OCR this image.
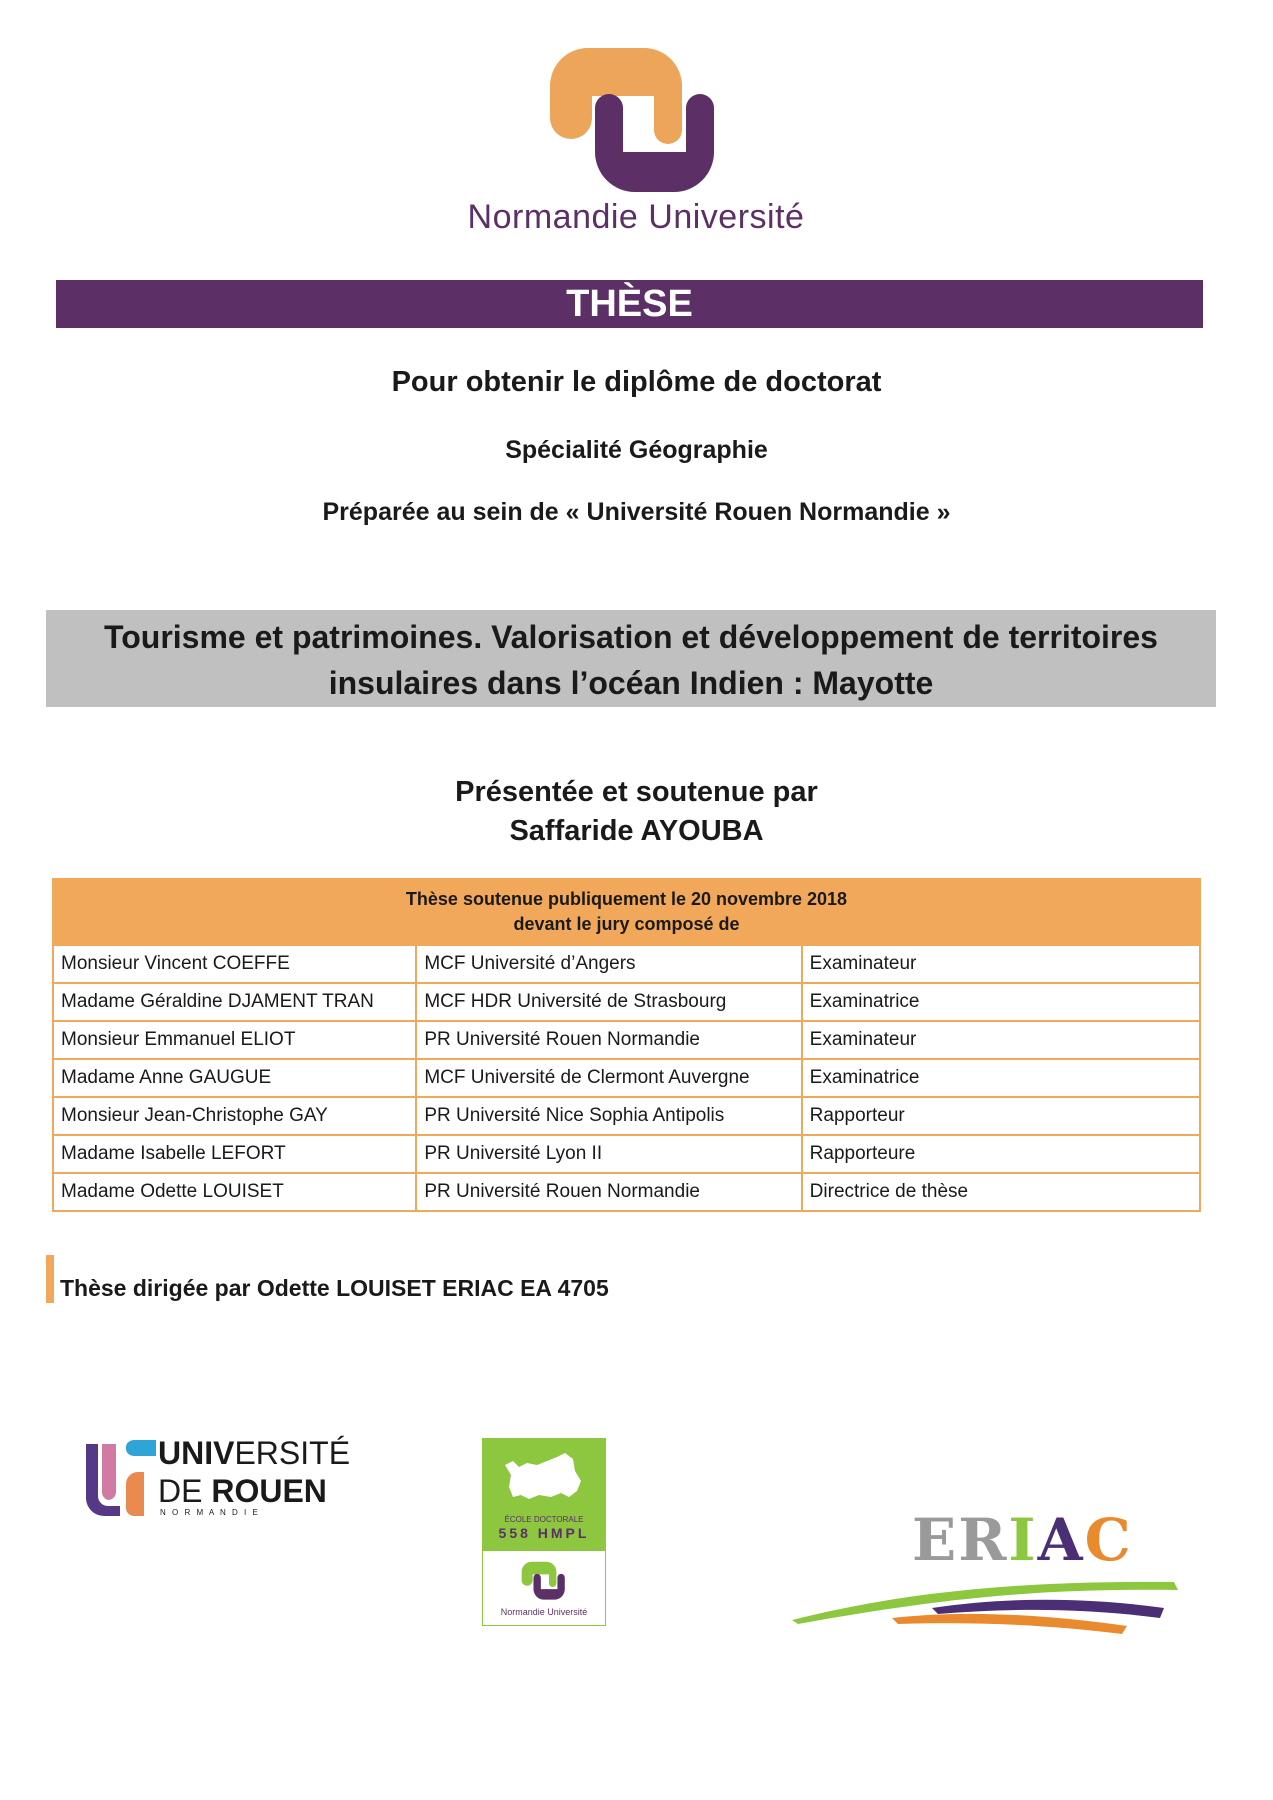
Normandie Université
THÈSE
Pour obtenir le diplôme de doctorat
Spécialité Géographie
Préparée au sein de « Université Rouen Normandie »
Tourisme et patrimoines. Valorisation et développement de territoires
insulaires dans l’océan Indien : Mayotte
Présentée et soutenue par
Saffaride AYOUBA
Thèse soutenue publiquement le 20 novembre 2018
devant le jury composé de		

Monsieur Vincent COEFFE	MCF Université d’Angers	Examinateur
Madame Géraldine DJAMENT TRAN	MCF HDR Université de Strasbourg	Examinatrice
Monsieur Emmanuel ELIOT	PR Université Rouen Normandie	Examinateur
Madame Anne GAUGUE	MCF Université de Clermont Auvergne	Examinatrice
Monsieur Jean-Christophe GAY	PR Université Nice Sophia Antipolis	Rapporteur
Madame Isabelle LEFORT	PR Université Lyon II	Rapporteure
Madame Odette LOUISET	PR Université Rouen Normandie	Directrice de thèse
Thèse dirigée par Odette LOUISET ERIAC EA 4705
UNIVERSITÉ
DE ROUEN
N O R M A N D I E
ÉCOLE DOCTORALE
558 HMPL
Normandie Université
ERIAC
